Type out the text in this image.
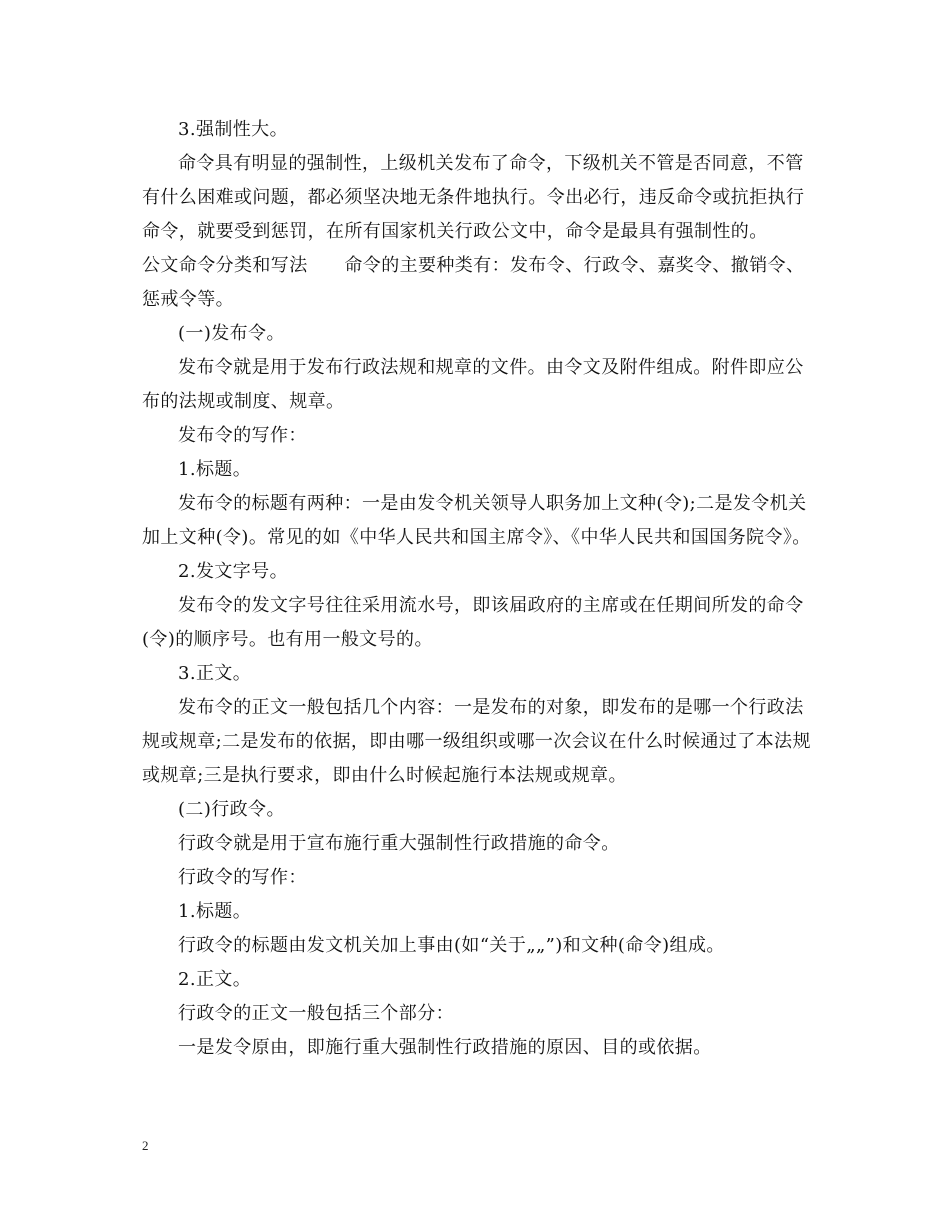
3.强制性大。

命令具有明显的强制性，上级机关发布了命令，下级机关不管是否同意，不管有什么困难或问题，都必须坚决地无条件地执行。令出必行，违反命令或抗拒执行命令，就要受到惩罚，在所有国家机关行政公文中，命令是最具有强制性的。

公文命令分类和写法　　命令的主要种类有：发布令、行政令、嘉奖令、撤销令、惩戒令等。

(一)发布令。

发布令就是用于发布行政法规和规章的文件。由令文及附件组成。附件即应公布的法规或制度、规章。

发布令的写作：

1.标题。

发布令的标题有两种：一是由发令机关领导人职务加上文种(令);二是发令机关加上文种(令)。常见的如《中华人民共和国主席令》、《中华人民共和国国务院令》。

2.发文字号。

发布令的发文字号往往采用流水号，即该届政府的主席或在任期间所发的命令(令)的顺序号。也有用一般文号的。

3.正文。

发布令的正文一般包括几个内容：一是发布的对象，即发布的是哪一个行政法规或规章;二是发布的依据，即由哪一级组织或哪一次会议在什么时候通过了本法规或规章;三是执行要求，即由什么时候起施行本法规或规章。

(二)行政令。

行政令就是用于宣布施行重大强制性行政措施的命令。

行政令的写作：

1.标题。

行政令的标题由发文机关加上事由(如“关于„„”)和文种(命令)组成。

2.正文。

行政令的正文一般包括三个部分：

一是发令原由，即施行重大强制性行政措施的原因、目的或依据。

2
